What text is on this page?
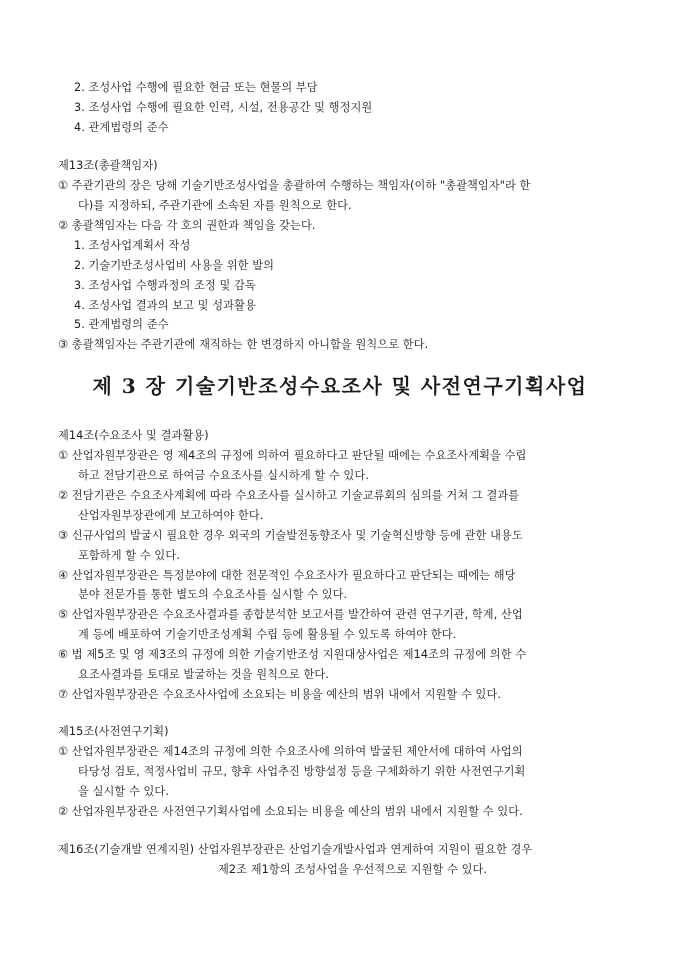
2. 조성사업 수행에 필요한 현금 또는 현물의 부담
3. 조성사업 수행에 필요한 인력, 시설, 전용공간 및 행정지원
4. 관계법령의 준수
제13조(총괄책임자)
① 주관기관의 장은 당해 기술기반조성사업을 총괄하여 수행하는 책임자(이하 "총괄책임자"라 한
다)를 지정하되, 주관기관에 소속된 자를 원칙으로 한다.
② 총괄책임자는 다음 각 호의 권한과 책임을 갖는다.
1. 조성사업계획서 작성
2. 기술기반조성사업비 사용을 위한 발의
3. 조성사업 수행과정의 조정 및 감독
4. 조성사업 결과의 보고 및 성과활용
5. 관계법령의 준수
③ 총괄책임자는 주관기관에 재직하는 한 변경하지 아니함을 원칙으로 한다.
제 3 장 기술기반조성수요조사 및 사전연구기획사업
제14조(수요조사 및 결과활용)
① 산업자원부장관은 영 제4조의 규정에 의하여 필요하다고 판단될 때에는 수요조사계획을 수립
하고 전담기관으로 하여금 수요조사를 실시하게 할 수 있다.
② 전담기관은 수요조사계획에 따라 수요조사를 실시하고 기술교류회의 심의를 거쳐 그 결과를
산업자원부장관에게 보고하여야 한다.
③ 신규사업의 발굴시 필요한 경우 외국의 기술발전동향조사 및 기술혁신방향 등에 관한 내용도
포함하게 할 수 있다.
④ 산업자원부장관은 특정분야에 대한 전문적인 수요조사가 필요하다고 판단되는 때에는 해당
분야 전문가를 통한 별도의 수요조사를 실시할 수 있다.
⑤ 산업자원부장관은 수요조사결과를 종합분석한 보고서를 발간하여 관련 연구기관, 학계, 산업
계 등에 배포하여 기술기반조성계획 수립 등에 활용될 수 있도록 하여야 한다.
⑥ 법 제5조 및 영 제3조의 규정에 의한 기술기반조성 지원대상사업은 제14조의 규정에 의한 수
요조사결과를 토대로 발굴하는 것을 원칙으로 한다.
⑦ 산업자원부장관은 수요조사사업에 소요되는 비용을 예산의 범위 내에서 지원할 수 있다.
제15조(사전연구기획)
① 산업자원부장관은 제14조의 규정에 의한 수요조사에 의하여 발굴된 제안서에 대하여 사업의
타당성 검토, 적정사업비 규모, 향후 사업추진 방향설정 등을 구체화하기 위한 사전연구기획
을 실시할 수 있다.
② 산업자원부장관은 사전연구기획사업에 소요되는 비용을 예산의 범위 내에서 지원할 수 있다.
제16조(기술개발 연계지원) 산업자원부장관은 산업기술개발사업과 연계하여 지원이 필요한 경우
제2조 제1항의 조성사업을 우선적으로 지원할 수 있다.
